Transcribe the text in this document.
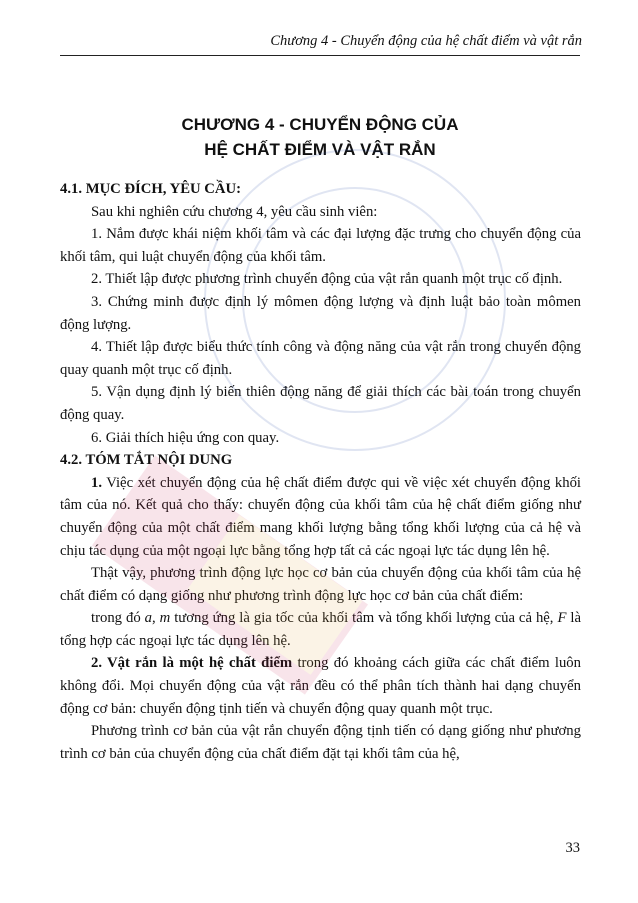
Chương 4 - Chuyển động của hệ chất điểm và vật rắn
CHƯƠNG 4 - CHUYỂN ĐỘNG CỦA
HỆ CHẤT ĐIỂM VÀ VẬT RẮN
4.1. MỤC ĐÍCH, YÊU CẦU:

Sau khi nghiên cứu chương 4, yêu cầu sinh viên:

1. Nắm được khái niệm khối tâm và các đại lượng đặc trưng cho chuyển động của khối tâm, qui luật chuyển động của khối tâm.

2. Thiết lập được phương trình chuyển động của vật rắn quanh một trục cố định.

3. Chứng minh được định lý mômen động lượng và định luật bảo toàn mômen động lượng.

4. Thiết lập được biểu thức tính công và động năng của vật rắn trong chuyển động quay quanh một trục cố định.

5. Vận dụng định lý biến thiên động năng để giải thích các bài toán trong chuyển động quay.

6. Giải thích hiệu ứng con quay.

4.2. TÓM TẮT NỘI DUNG

1. Việc xét chuyển động của hệ chất điểm được qui về việc xét chuyển động khối tâm của nó. Kết quả cho thấy: chuyển động của khối tâm của hệ chất điểm giống như chuyển động của một chất điểm mang khối lượng bằng tổng khối lượng của cả hệ và chịu tác dụng của một ngoại lực bằng tổng hợp tất cả các ngoại lực tác dụng lên hệ.

Thật vậy, phương trình động lực học cơ bản của chuyển động của khối tâm của hệ chất điểm có dạng giống như phương trình động lực học cơ bản của chất điểm:

trong đó a, m tương ứng là gia tốc của khối tâm và tổng khối lượng của cả hệ, F là tổng hợp các ngoại lực tác dụng lên hệ.

2. Vật rắn là một hệ chất điểm trong đó khoảng cách giữa các chất điểm luôn không đổi. Mọi chuyển động của vật rắn đều có thể phân tích thành hai dạng chuyển động cơ bản: chuyển động tịnh tiến và chuyển động quay quanh một trục.

Phương trình cơ bản của vật rắn chuyển động tịnh tiến có dạng giống như phương trình cơ bản của chuyển động của chất điểm đặt tại khối tâm của hệ,

33
